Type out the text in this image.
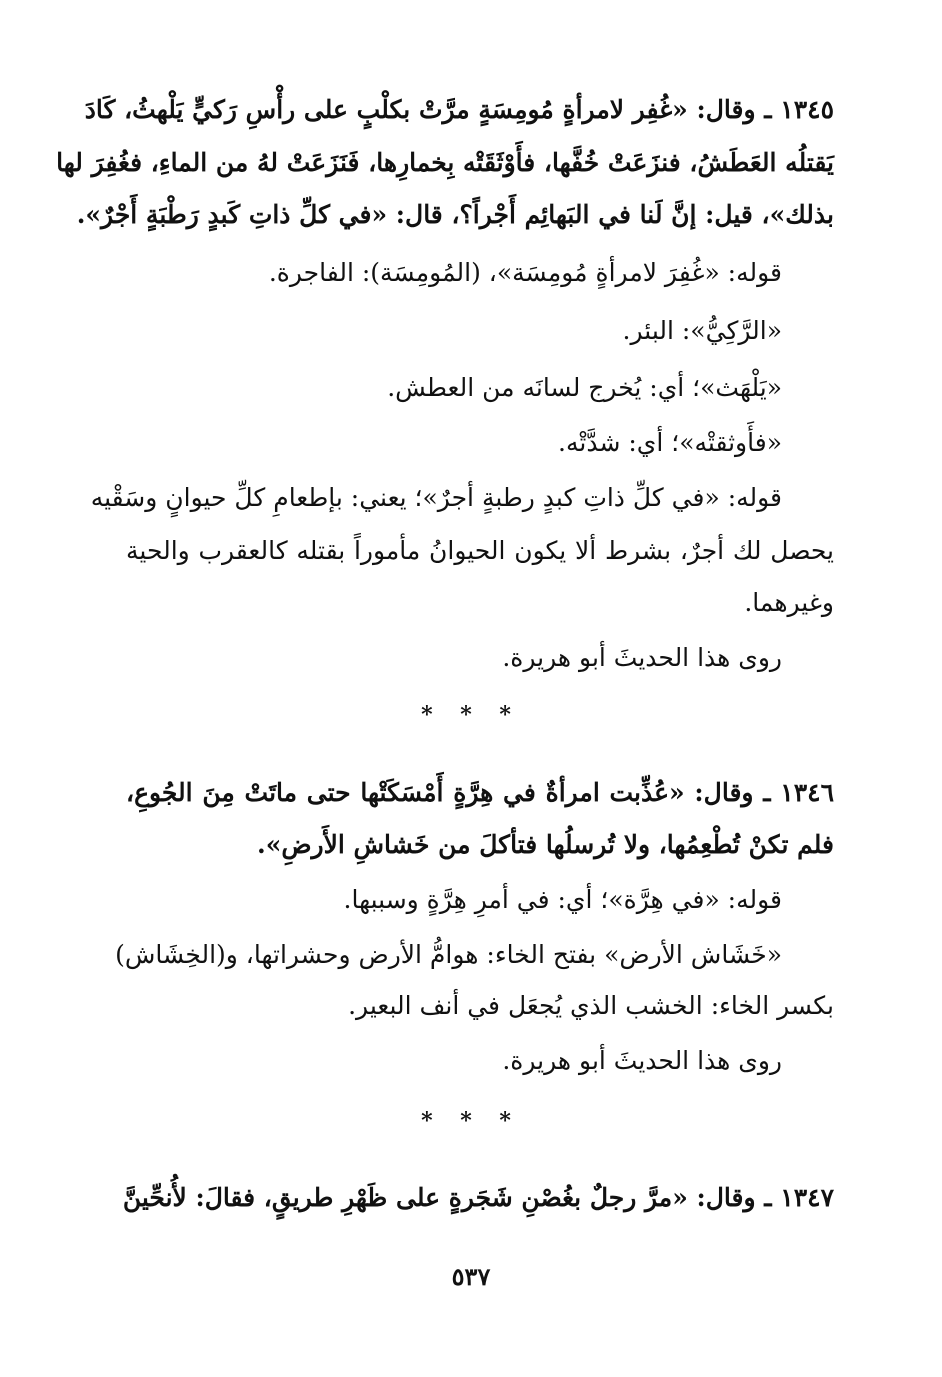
١٣٤٥ ـ وقال: «غُفِر لامرأةٍ مُومِسَةٍ مرَّتْ بكلْبٍ على رأْسِ رَكيٍّ يَلْهثُ، كَادَ
يَقتلُه العَطَشُ، فنزَعَتْ خُفَّها، فأَوْثَقَتْه بِخمارِها، فَنَزَعَتْ لهُ من الماءِ، فغُفِرَ لها
بذلك»، قيل: إنَّ لَنا في البَهائِم أَجْراً؟، قال: «في كلِّ ذاتِ كَبدٍ رَطْبَةٍ أَجْرٌ».
قوله: «غُفِرَ لامرأةٍ مُومِسَة»، (المُومِسَة): الفاجرة.
«الرَّكِيُّ»: البئر.
«يَلْهَث»؛ أي: يُخرج لسانَه من العطش.
«فأَوثقتْه»؛ أي: شدَّتْه.
قوله: «في كلِّ ذاتِ كبدٍ رطبةٍ أجرٌ»؛ يعني: بإطعامِ كلِّ حيوانٍ وسَقْيه
يحصل لك أجرٌ، بشرط ألا يكون الحيوانُ مأموراً بقتله كالعقرب والحية
وغيرهما.
روى هذا الحديثَ أبو هريرة.
* * *
١٣٤٦ ـ وقال: «عُذِّبت امرأةٌ في هِرَّةٍ أَمْسَكَتْها حتى ماتَتْ مِنَ الجُوعِ،
فلم تكنْ تُطْعِمُها، ولا تُرسلُها فتأكلَ من خَشاشِ الأَرضِ».
قوله: «في هِرَّة»؛ أي: في أمرِ هِرَّةٍ وسببها.
«خَشَاش الأرض» بفتح الخاء: هوامُّ الأرض وحشراتها، و(الخِشَاش)
بكسر الخاء: الخشب الذي يُجعَل في أنف البعير.
روى هذا الحديثَ أبو هريرة.
* * *
١٣٤٧ ـ وقال: «مرَّ رجلٌ بغُصْنِ شَجَرةٍ على ظَهْرِ طريقٍ، فقالَ: لأُنحِّينَّ
٥٣٧
